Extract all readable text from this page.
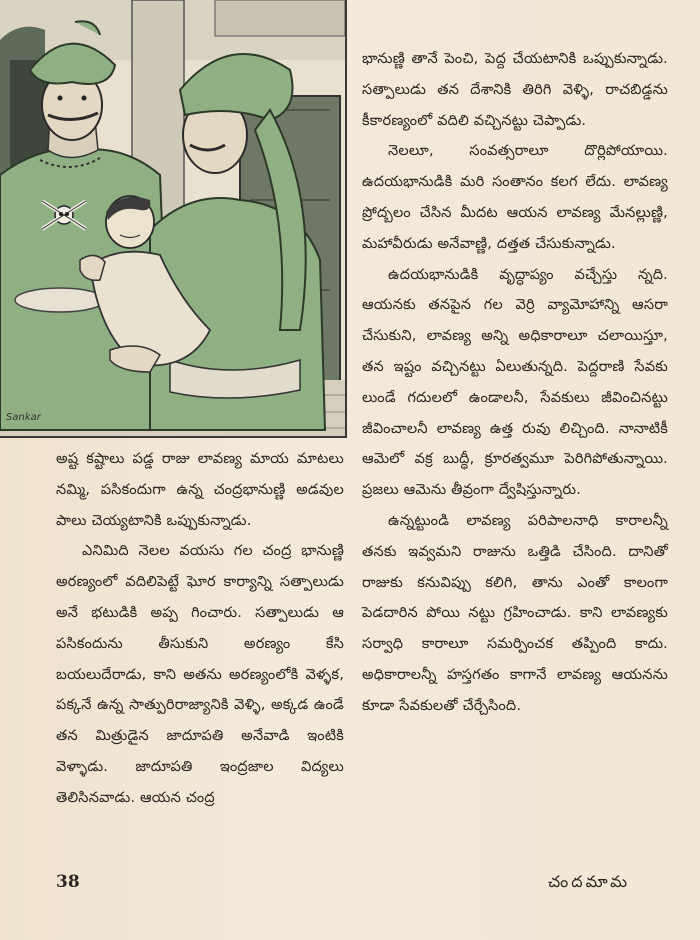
Sankar

భానుణ్ణి తానే పెంచి, పెద్ద చేయటానికి ఒప్పుకున్నాడు. సత్పాలుడు తన దేశానికి తిరిగి వెళ్ళి, రాచబిడ్డను కీకారణ్యంలో వదిలి వచ్చినట్టు చెప్పాడు.

నెలలూ, సంవత్సరాలూ దొర్లిపోయాయి. ఉదయభానుడికి మరి సంతానం కలగ లేదు. లావణ్య ప్రోద్బలం చేసిన మీదట ఆయన లావణ్య మేనల్లుణ్ణి, మహావీరుడు అనేవాణ్ణి, దత్తత చేసుకున్నాడు.

ఉదయభానుడికి వృద్ధాప్యం వచ్చేస్తు న్నది. ఆయనకు తనపైన గల వెర్రి వ్యామోహాన్ని ఆసరా చేసుకుని, లావణ్య అన్ని అధికారాలూ చలాయిస్తూ, తన ఇష్టం వచ్చినట్టు ఏలుతున్నది. పెద్దరాణి సేవకు లుండే గదులలో ఉండాలనీ, సేవకులు జీవించినట్టు జీవించాలనీ లావణ్య ఉత్త రువు లిచ్చింది. నానాటికీ ఆమెలో వక్ర బుద్ధీ, క్రూరత్వమూ పెరిగిపోతున్నాయి. ప్రజలు ఆమెను తీవ్రంగా ద్వేషిస్తున్నారు.

ఉన్నట్టుండి లావణ్య పరిపాలనాధి కారాలన్నీ తనకు ఇవ్వమని రాజును ఒత్తిడి చేసింది. దానితో రాజుకు కనువిప్పు కలిగి, తాను ఎంతో కాలంగా పెడదారిన పోయి నట్టు గ్రహించాడు. కాని లావణ్యకు సర్వాధి కారాలూ సమర్పించక తప్పింది కాదు. అధికారాలన్నీ హస్తగతం కాగానే లావణ్య ఆయనను కూడా సేవకులతో చేర్చేసింది.

అష్ట కష్టాలు పడ్డ రాజు లావణ్య మాయ మాటలు నమ్మి, పసికందుగా ఉన్న చంద్రభానుణ్ణి అడవుల పాలు చెయ్యటానికి ఒప్పుకున్నాడు.

ఎనిమిది నెలల వయసు గల చంద్ర భానుణ్ణి అరణ్యంలో వదిలిపెట్టే ఘోర కార్యాన్ని సత్పాలుడు అనే భటుడికి అప్ప గించారు. సత్పాలుడు ఆ పసికందును తీసుకుని అరణ్యం కేసి బయలుదేరాడు, కాని అతను అరణ్యంలోకి వెళ్ళక, పక్కనే ఉన్న సాత్పురిరాజ్యానికి వెళ్ళి, అక్కడ ఉండే తన మిత్రుడైన జాదూపతి అనేవాడి ఇంటికి వెళ్ళాడు. జాదూపతి ఇంద్రజాల విద్యలు తెలిసినవాడు. ఆయన చంద్ర

38	చందమామ
